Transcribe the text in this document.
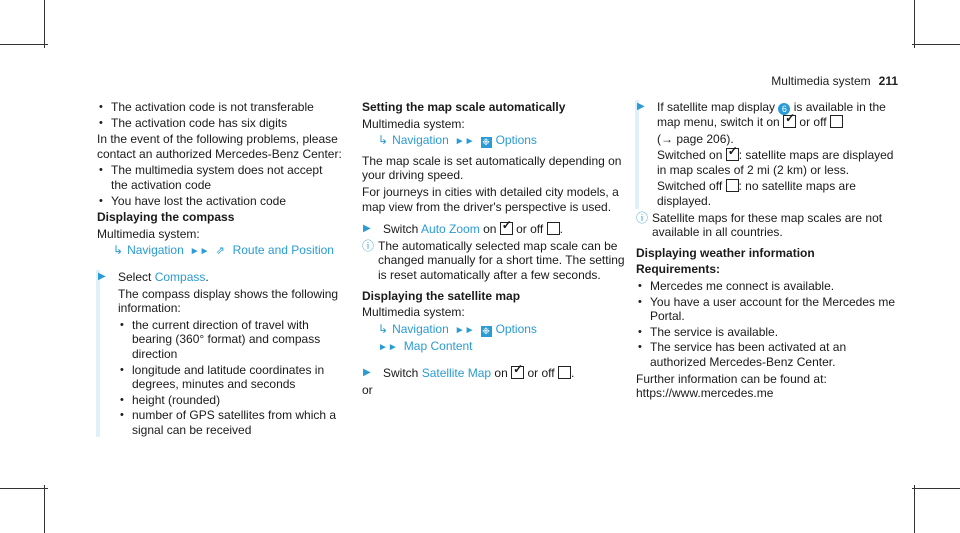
Multimedia system 211
• The activation code is not transferable
• The activation code has six digits

In the event of the following problems, please contact an authorized Mercedes-Benz Center:

• The multimedia system does not accept the activation code
• You have lost the activation code

Displaying the compass

Multimedia system:

↳ Navigation ►► ⇗ Route and Position
▶ Select Compass.

The compass display shows the following information:

• the current direction of travel with bearing (360° format) and compass direction
• longitude and latitude coordinates in degrees, minutes and seconds
• height (rounded)
• number of GPS satellites from which a signal can be received

Setting the map scale automatically

Multimedia system:

↳ Navigation ►► ❉ Options

The map scale is set automatically depending on your driving speed.

For journeys in cities with detailed city models, a map view from the driver's perspective is used.

▶ Switch Auto Zoom on ✓ or off .

ⓘ The automatically selected map scale can be changed manually for a short time. The setting is reset automatically after a few seconds.

Displaying the satellite map

Multimedia system:

↳ Navigation ►► ❉ Options
►► Map Content
▶ Switch Satellite Map on ✓ or off .

or

▶ If satellite map display 6 is available in the map menu, switch it on ✓ or off

(→ page 206).

Switched on ✓ : satellite maps are displayed in map scales of 2 mi (2 km) or less.

Switched off : no satellite maps are displayed.

ⓘ Satellite maps for these map scales are not available in all countries.

Displaying weather information

Requirements:

• Mercedes me connect is available.
• You have a user account for the Mercedes me Portal.
• The service is available.
• The service has been activated at an authorized Mercedes-Benz Center.

Further information can be found at: https://www.mercedes.me
